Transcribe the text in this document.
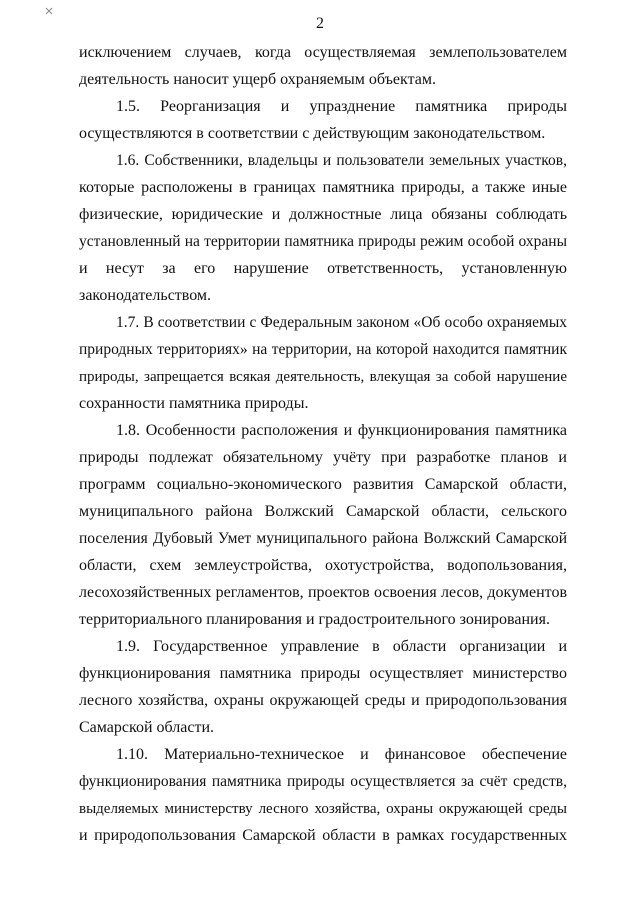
2
исключением случаев, когда осуществляемая землепользователем
деятельность наносит ущерб охраняемым объектам.
1.5. Реорганизация и упразднение памятника природы
осуществляются в соответствии с действующим законодательством.
1.6. Собственники, владельцы и пользователи земельных участков,
которые расположены в границах памятника природы, а также иные
физические, юридические и должностные лица обязаны соблюдать
установленный на территории памятника природы режим особой охраны
и несут за его нарушение ответственность, установленную
законодательством.
1.7. В соответствии с Федеральным законом «Об особо охраняемых
природных территориях» на территории, на которой находится памятник
природы, запрещается всякая деятельность, влекущая за собой нарушение
сохранности памятника природы.
1.8. Особенности расположения и функционирования памятника
природы подлежат обязательному учёту при разработке планов и
программ социально-экономического развития Самарской области,
муниципального района Волжский Самарской области, сельского
поселения Дубовый Умет муниципального района Волжский Самарской
области, схем землеустройства, охотустройства, водопользования,
лесохозяйственных регламентов, проектов освоения лесов, документов
территориального планирования и градостроительного зонирования.
1.9. Государственное управление в области организации и
функционирования памятника природы осуществляет министерство
лесного хозяйства, охраны окружающей среды и природопользования
Самарской области.
1.10. Материально-техническое и финансовое обеспечение
функционирования памятника природы осуществляется за счёт средств,
выделяемых министерству лесного хозяйства, охраны окружающей среды
и природопользования Самарской области в рамках государственных
